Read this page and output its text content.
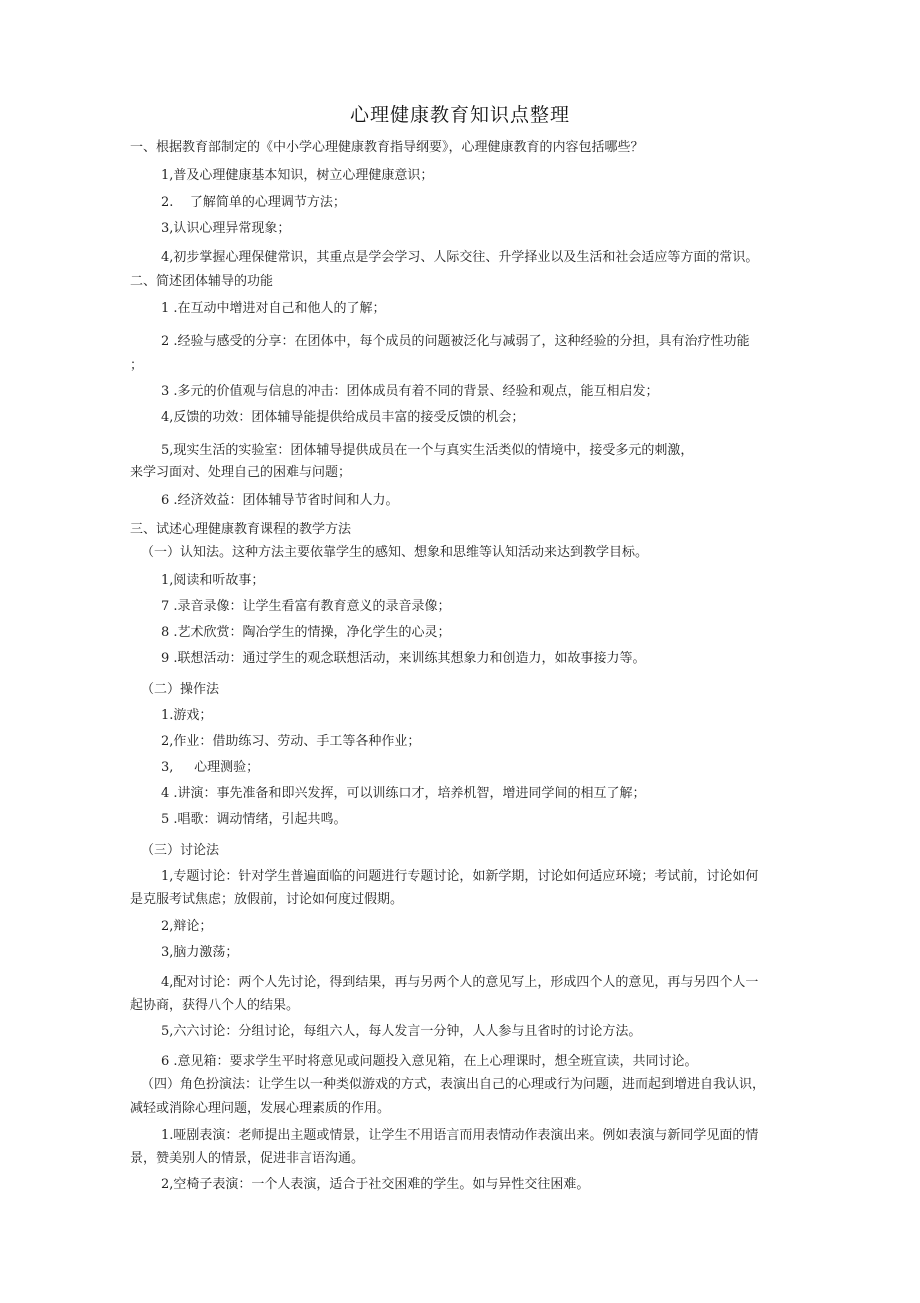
心理健康教育知识点整理
一、根据教育部制定的《中小学心理健康教育指导纲要》，心理健康教育的内容包括哪些？
1,普及心理健康基本知识，树立心理健康意识；
2.    了解简单的心理调节方法；
3,认识心理异常现象；
4,初步掌握心理保健常识，其重点是学会学习、人际交往、升学择业以及生活和社会适应等方面的常识。
二、简述团体辅导的功能
1 .在互动中增进对自己和他人的了解；
2 .经验与感受的分享：在团体中，每个成员的问题被泛化与减弱了，这种经验的分担，具有治疗性功能
；
3 .多元的价值观与信息的冲击：团体成员有着不同的背景、经验和观点，能互相启发；
4,反馈的功效：团体辅导能提供给成员丰富的接受反馈的机会；
5,现实生活的实验室：团体辅导提供成员在一个与真实生活类似的情境中，接受多元的刺激，
来学习面对、处理自己的困难与问题；
6 .经济效益：团体辅导节省时间和人力。
三、试述心理健康教育课程的教学方法
（一）认知法。这种方法主要依靠学生的感知、想象和思维等认知活动来达到教学目标。
1,阅读和听故事；
7 .录音录像：让学生看富有教育意义的录音录像；
8 .艺术欣赏：陶冶学生的情操，净化学生的心灵；
9 .联想活动：通过学生的观念联想活动，来训练其想象力和创造力，如故事接力等。
（二）操作法
1.游戏；
2,作业：借助练习、劳动、手工等各种作业；
3,     心理测验；
4 .讲演：事先准备和即兴发挥，可以训练口才，培养机智，增进同学间的相互了解；
5 .唱歌：调动情绪，引起共鸣。
（三）讨论法
1,专题讨论：针对学生普遍面临的问题进行专题讨论，如新学期，讨论如何适应环境；考试前，讨论如何
是克服考试焦虑；放假前，讨论如何度过假期。
2,辩论；
3,脑力激荡；
4,配对讨论：两个人先讨论，得到结果，再与另两个人的意见写上，形成四个人的意见，再与另四个人一
起协商，获得八个人的结果。
5,六六讨论：分组讨论，每组六人，每人发言一分钟，人人参与且省时的讨论方法。
6 .意见箱：要求学生平时将意见或问题投入意见箱，在上心理课时，想全班宣读，共同讨论。
（四）角色扮演法：让学生以一种类似游戏的方式，表演出自己的心理或行为问题，进而起到增进自我认识，
减轻或消除心理问题，发展心理素质的作用。
1.哑剧表演：老师提出主题或情景，让学生不用语言而用表情动作表演出来。例如表演与新同学见面的情
景，赞美别人的情景，促进非言语沟通。
2,空椅子表演：一个人表演，适合于社交困难的学生。如与异性交往困难。
